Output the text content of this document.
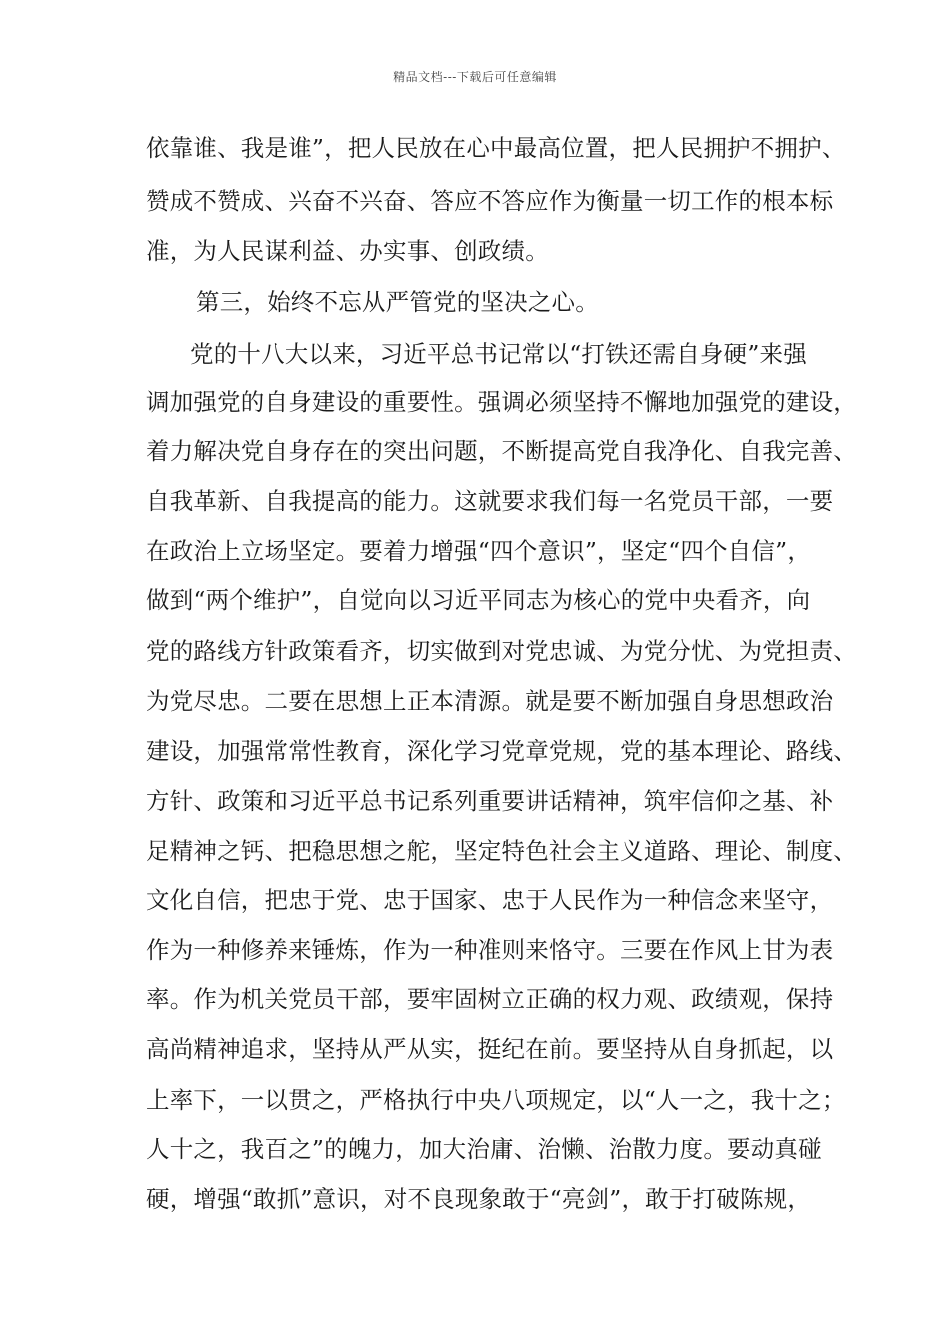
精品文档---下载后可任意编辑
依靠谁、我是谁”，把人民放在心中最高位置，把人民拥护不拥护、
赞成不赞成、兴奋不兴奋、答应不答应作为衡量一切工作的根本标
准，为人民谋利益、办实事、创政绩。
第三，始终不忘从严管党的坚决之心。
党的十八大以来，习近平总书记常以“打铁还需自身硬”来强
调加强党的自身建设的重要性。强调必须坚持不懈地加强党的建设，
着力解决党自身存在的突出问题，不断提高党自我净化、自我完善、
自我革新、自我提高的能力。这就要求我们每一名党员干部，一要
在政治上立场坚定。要着力增强“四个意识”，坚定“四个自信”，
做到“两个维护”，自觉向以习近平同志为核心的党中央看齐，向
党的路线方针政策看齐，切实做到对党忠诚、为党分忧、为党担责、
为党尽忠。二要在思想上正本清源。就是要不断加强自身思想政治
建设，加强常常性教育，深化学习党章党规，党的基本理论、路线、
方针、政策和习近平总书记系列重要讲话精神，筑牢信仰之基、补
足精神之钙、把稳思想之舵，坚定特色社会主义道路、理论、制度、
文化自信，把忠于党、忠于国家、忠于人民作为一种信念来坚守，
作为一种修养来锤炼，作为一种准则来恪守。三要在作风上甘为表
率。作为机关党员干部，要牢固树立正确的权力观、政绩观，保持
高尚精神追求，坚持从严从实，挺纪在前。要坚持从自身抓起，以
上率下，一以贯之，严格执行中央八项规定，以“人一之，我十之；
人十之，我百之”的魄力，加大治庸、治懒、治散力度。要动真碰
硬，增强“敢抓”意识，对不良现象敢于“亮剑”，敢于打破陈规，
